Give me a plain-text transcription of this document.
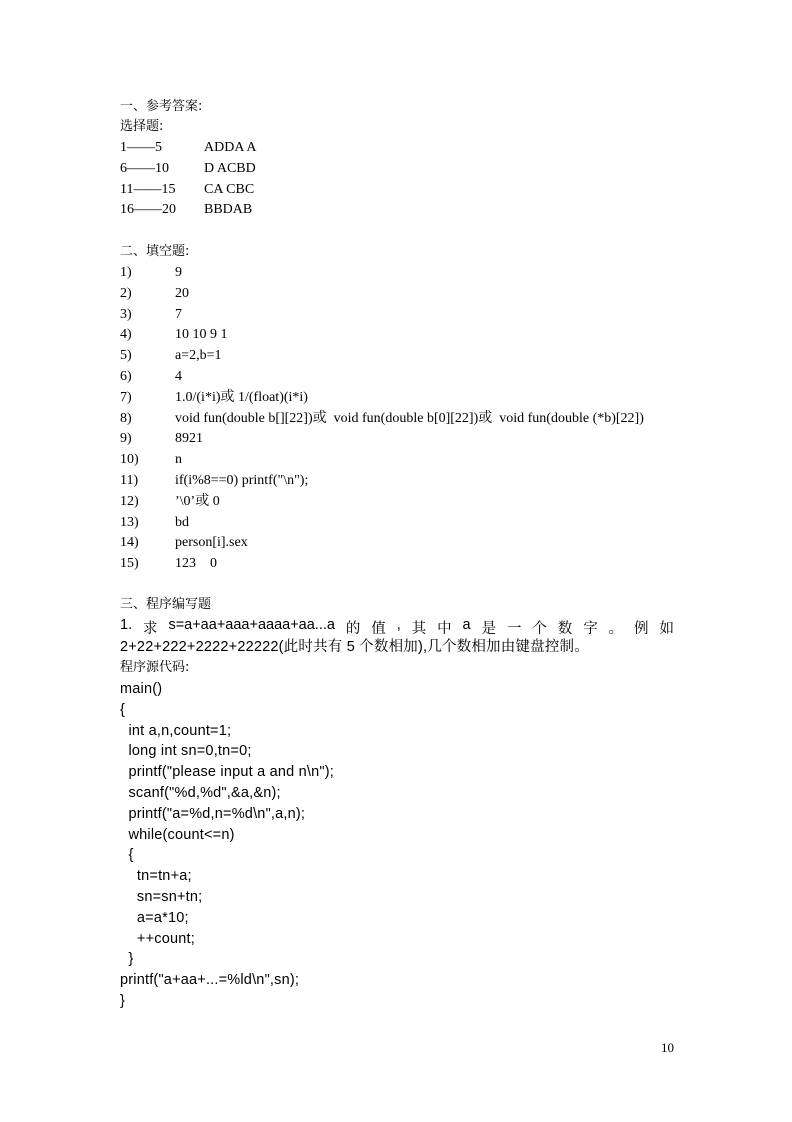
一、参考答案:
选择题:
1——5	ADDA A
6——10	D ACBD
11——15 CA CBC
16——20 BBDAB
二、填空题:
1)	9
2)	20
3)	7
4)	10 10 9 1
5)	a=2,b=1
6)	4
7)	1.0/(i*i)或 1/(float)(i*i)
8)	void fun(double b[][22])或  void fun(double b[0][22])或  void fun(double (*b)[22])
9)	8921
10)	n
11)	if(i%8==0) printf("\n");
12)	’\0’或 0
13)	bd
14)	person[i].sex
15)	123    0
三、程序编写题
1. 求 s=a+aa+aaa+aaaa+aa...a 的 值 , 其 中 a 是 一 个 数 字 。 例 如
2+22+222+2222+22222(此时共有 5 个数相加),几个数相加由键盘控制。
程序源代码:
main()
{
int a,n,count=1;
long int sn=0,tn=0;
printf("please input a and n\n");
scanf("%d,%d",&a,&n);
printf("a=%d,n=%d\n",a,n);
while(count<=n)
{
tn=tn+a;
sn=sn+tn;
a=a*10;
++count;
}
printf("a+aa+...=%ld\n",sn);
}
10
